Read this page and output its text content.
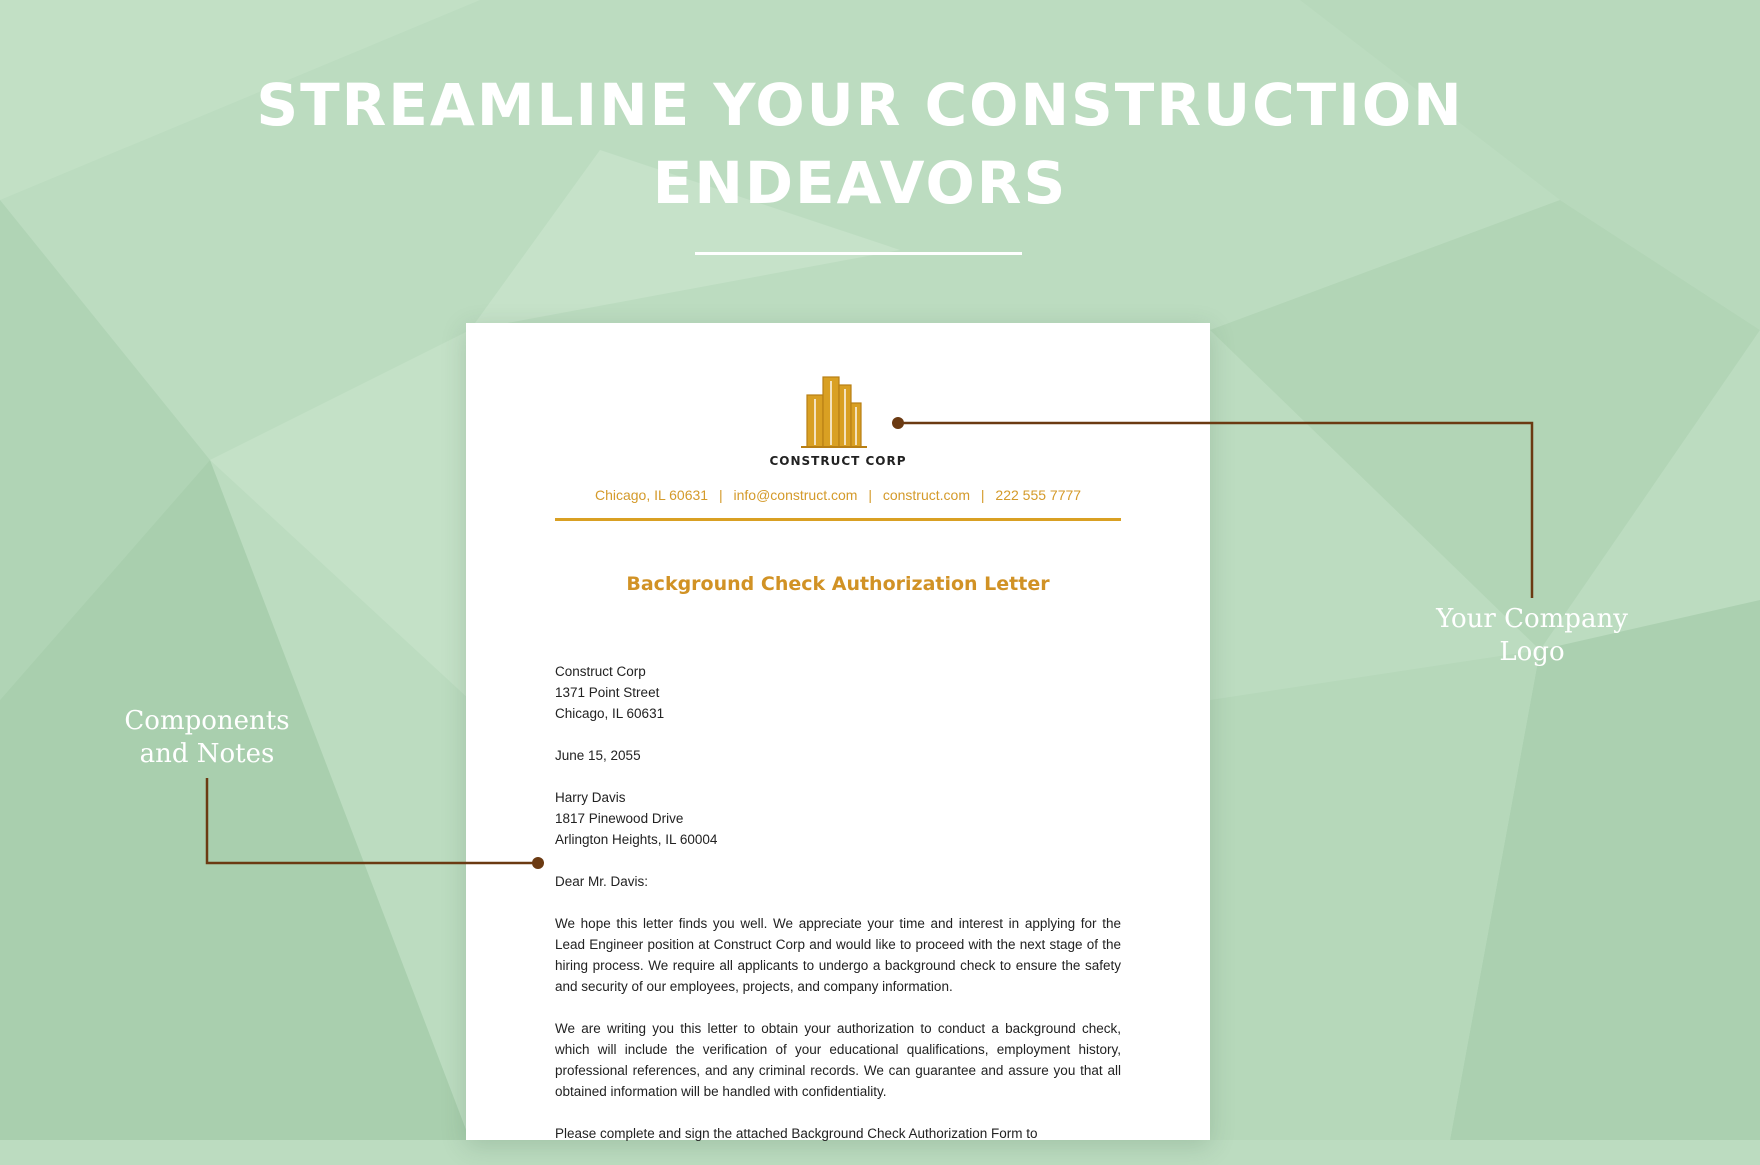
STREAMLINE YOUR CONSTRUCTION
ENDEAVORS
CONSTRUCT CORP
Chicago, IL 60631 | info@construct.com | construct.com | 222 555 7777
Background Check Authorization Letter

Construct Corp
1371 Point Street
Chicago, IL 60631

June 15, 2055

Harry Davis
1817 Pinewood Drive
Arlington Heights, IL 60004

Dear Mr. Davis:

We hope this letter finds you well. We appreciate your time and interest in applying for the Lead Engineer position at Construct Corp and would like to proceed with the next stage of the hiring process. We require all applicants to undergo a background check to ensure the safety and security of our employees, projects, and company information.

We are writing you this letter to obtain your authorization to conduct a background check, which will include the verification of your educational qualifications, employment history, professional references, and any criminal records. We can guarantee and assure you that all obtained information will be handled with confidentiality.

Please complete and sign the attached Background Check Authorization Form to

Your Company
Logo
Components
and Notes
